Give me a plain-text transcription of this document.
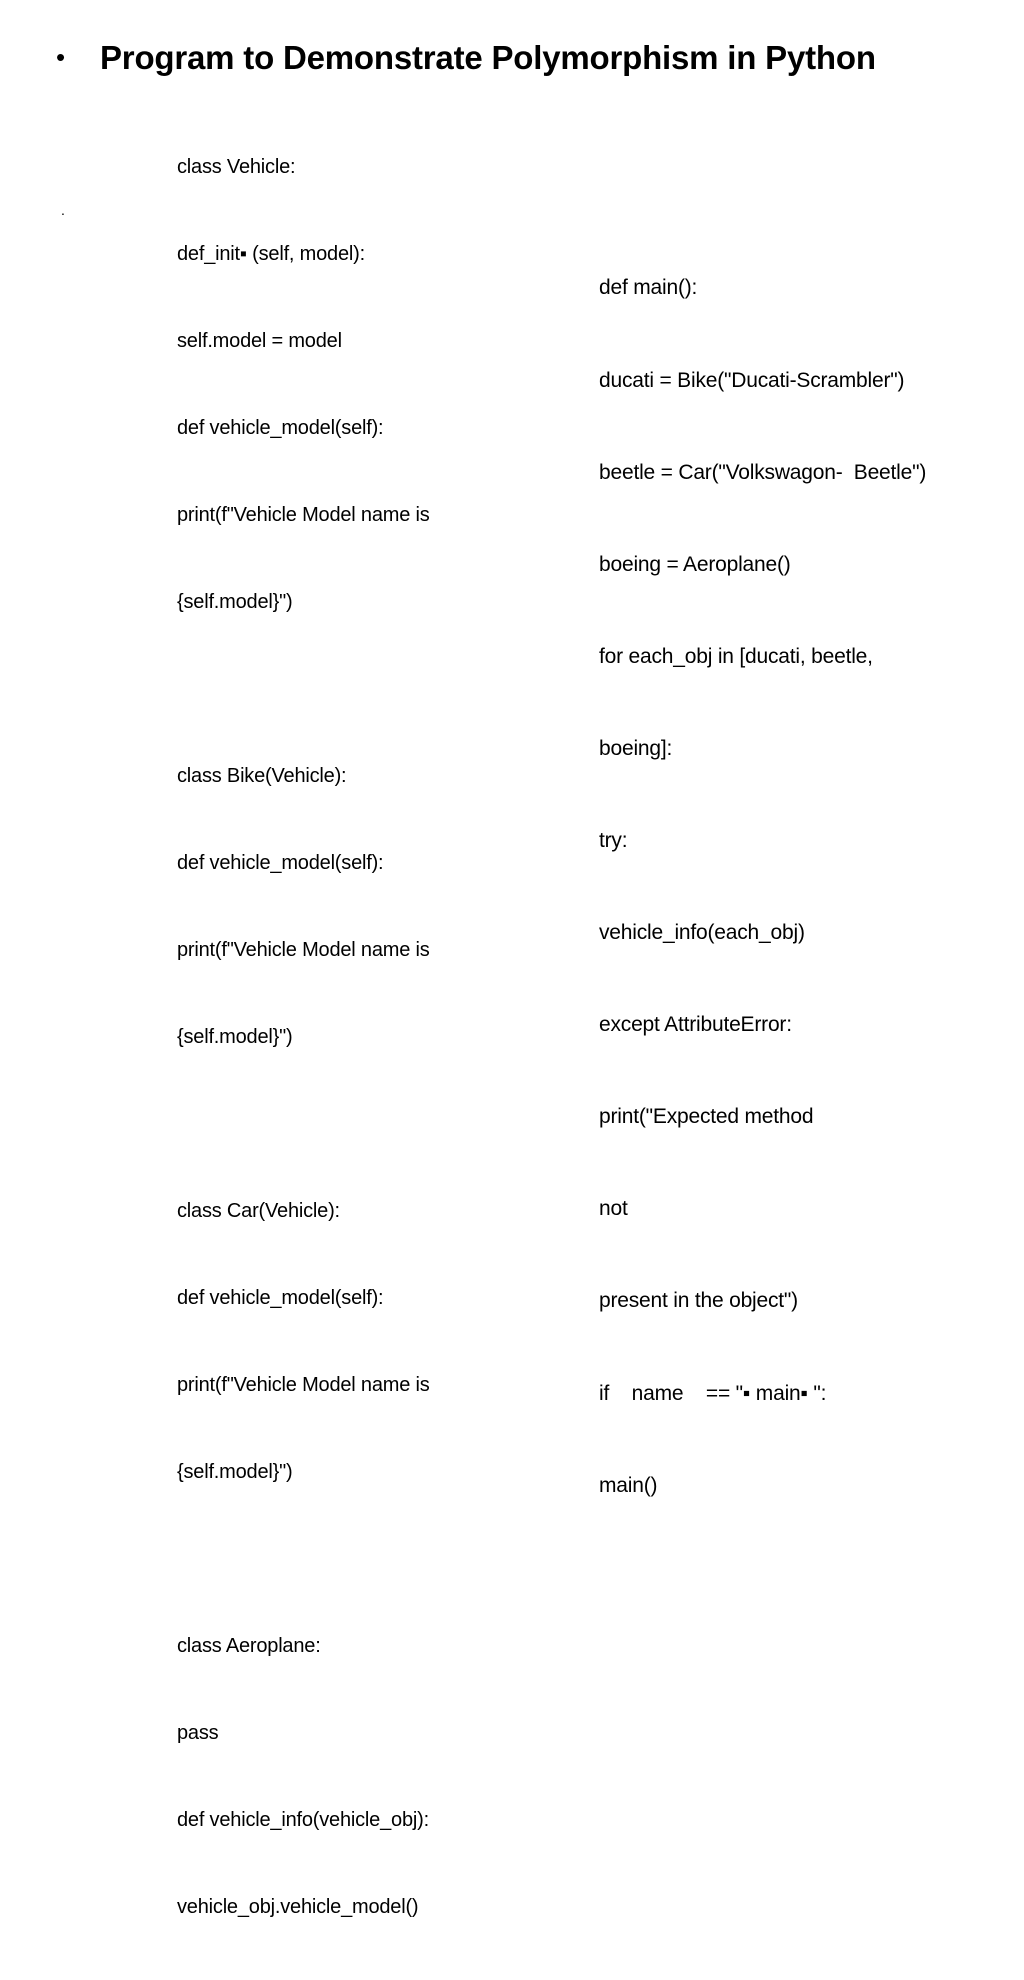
•	Program to Demonstrate Polymorphism in Python
.

class Vehicle:

def_init▪ (self, model):

self.model = model

def vehicle_model(self):

print(f"Vehicle Model name is

{self.model}")

class Bike(Vehicle):

def vehicle_model(self):

print(f"Vehicle Model name is

{self.model}")

class Car(Vehicle):

def vehicle_model(self):

print(f"Vehicle Model name is

{self.model}")

class Aeroplane:

pass

def vehicle_info(vehicle_obj):

vehicle_obj.vehicle_model()

def main():

ducati = Bike("Ducati-Scrambler")

beetle = Car("Volkswagon-  Beetle")

boeing = Aeroplane()

for each_obj in [ducati, beetle,

boeing]:

try:

vehicle_info(each_obj)

except AttributeError:

print("Expected method

not

present in the object")

if    name    == "▪ main▪ ":

main()
